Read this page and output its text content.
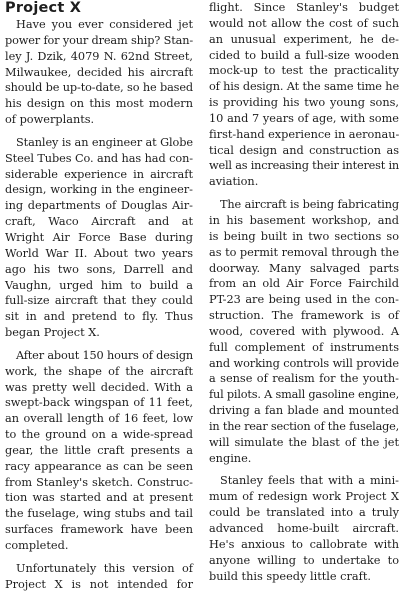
Project X
Have you ever considered jet
power for your dream ship? Stan-
ley J. Dzik, 4079 N. 62nd Street,
Milwaukee, decided his aircraft
should be up-to-date, so he based
his design on this most modern
of powerplants.
Stanley is an engineer at Globe
Steel Tubes Co. and has had con-
siderable experience in aircraft
design, working in the engineer-
ing departments of Douglas Air-
craft, Waco Aircraft and at
Wright Air Force Base during
World War II. About two years
ago his two sons, Darrell and
Vaughn, urged him to build a
full-size aircraft that they could
sit in and pretend to fly. Thus
began Project X.
After about 150 hours of design
work, the shape of the aircraft
was pretty well decided. With a
swept-back wingspan of 11 feet,
an overall length of 16 feet, low
to the ground on a wide-spread
gear, the little craft presents a
racy appearance as can be seen
from Stanley's sketch. Construc-
tion was started and at present
the fuselage, wing stubs and tail
surfaces framework have been
completed.
Unfortunately this version of
Project X is not intended for
flight. Since Stanley's budget
would not allow the cost of such
an unusual experiment, he de-
cided to build a full-size wooden
mock-up to test the practicality
of his design. At the same time he
is providing his two young sons,
10 and 7 years of age, with some
first-hand experience in aeronau-
tical design and construction as
well as increasing their interest in
aviation.
The aircraft is being fabricating
in his basement workshop, and
is being built in two sections so
as to permit removal through the
doorway. Many salvaged parts
from an old Air Force Fairchild
PT-23 are being used in the con-
struction. The framework is of
wood, covered with plywood. A
full complement of instruments
and working controls will provide
a sense of realism for the youth-
ful pilots. A small gasoline engine,
driving a fan blade and mounted
in the rear section of the fuselage,
will simulate the blast of the jet
engine.
Stanley feels that with a mini-
mum of redesign work Project X
could be translated into a truly
advanced home-built aircraft.
He's anxious to callobrate with
anyone willing to undertake to
build this speedy little craft.
